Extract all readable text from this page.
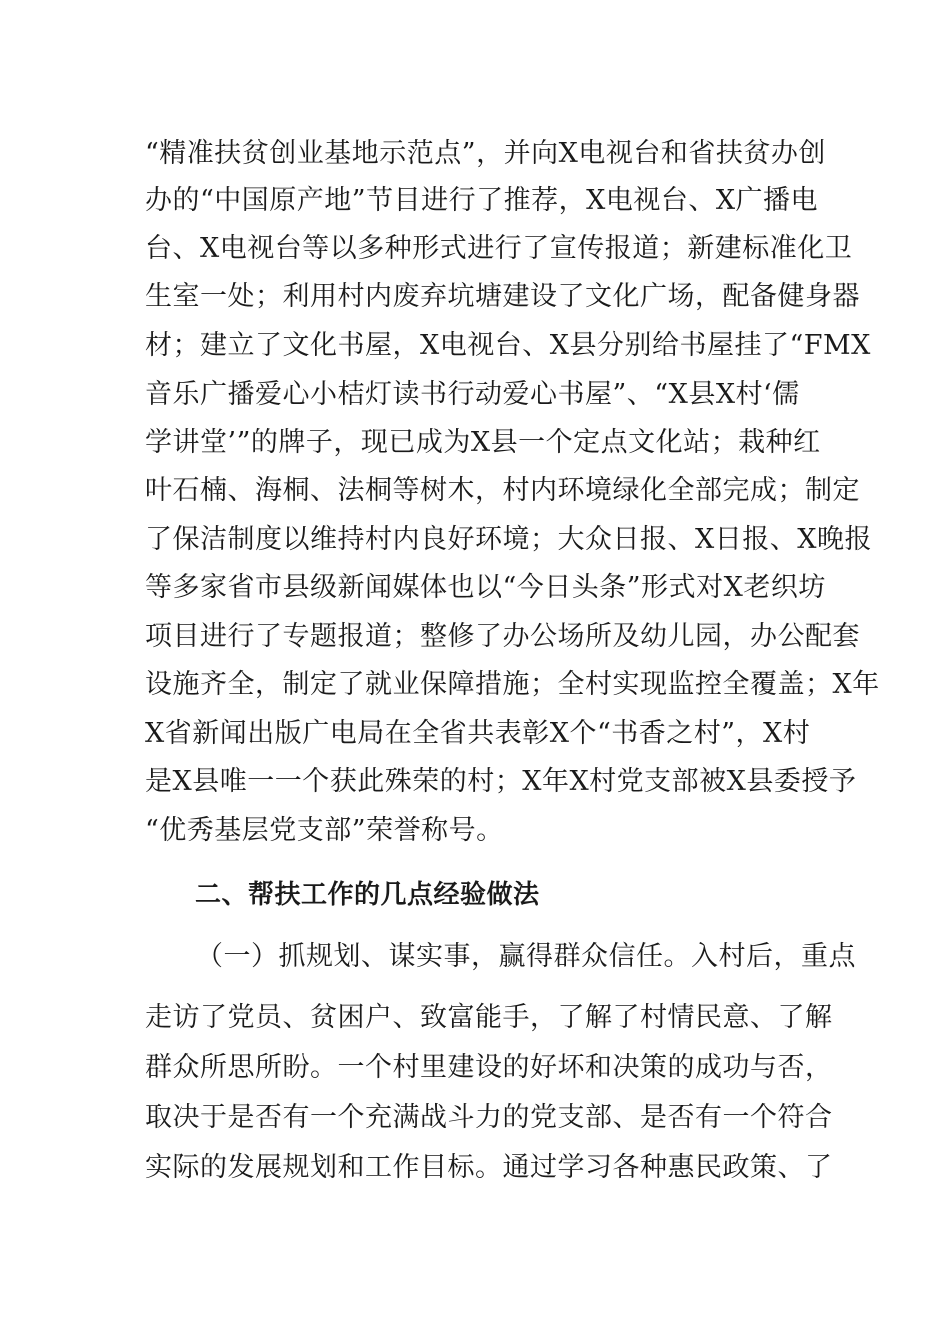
“精准扶贫创业基地示范点”，并向X电视台和省扶贫办创
办的“中国原产地”节目进行了推荐，X电视台、X广播电
台、X电视台等以多种形式进行了宣传报道；新建标准化卫
生室一处；利用村内废弃坑塘建设了文化广场，配备健身器
材；建立了文化书屋，X电视台、X县分别给书屋挂了“FMX
音乐广播爱心小桔灯读书行动爱心书屋”、“X县X村‘儒
学讲堂’”的牌子，现已成为X县一个定点文化站；栽种红
叶石楠、海桐、法桐等树木，村内环境绿化全部完成；制定
了保洁制度以维持村内良好环境；大众日报、X日报、X晚报
等多家省市县级新闻媒体也以“今日头条”形式对X老织坊
项目进行了专题报道；整修了办公场所及幼儿园，办公配套
设施齐全，制定了就业保障措施；全村实现监控全覆盖；X年
X省新闻出版广电局在全省共表彰X个“书香之村”，X村
是X县唯一一个获此殊荣的村；X年X村党支部被X县委授予
“优秀基层党支部”荣誉称号。
二、帮扶工作的几点经验做法
（一）抓规划、谋实事，赢得群众信任。入村后，重点
走访了党员、贫困户、致富能手，了解了村情民意、了解
群众所思所盼。一个村里建设的好坏和决策的成功与否，
取决于是否有一个充满战斗力的党支部、是否有一个符合
实际的发展规划和工作目标。通过学习各种惠民政策、了
